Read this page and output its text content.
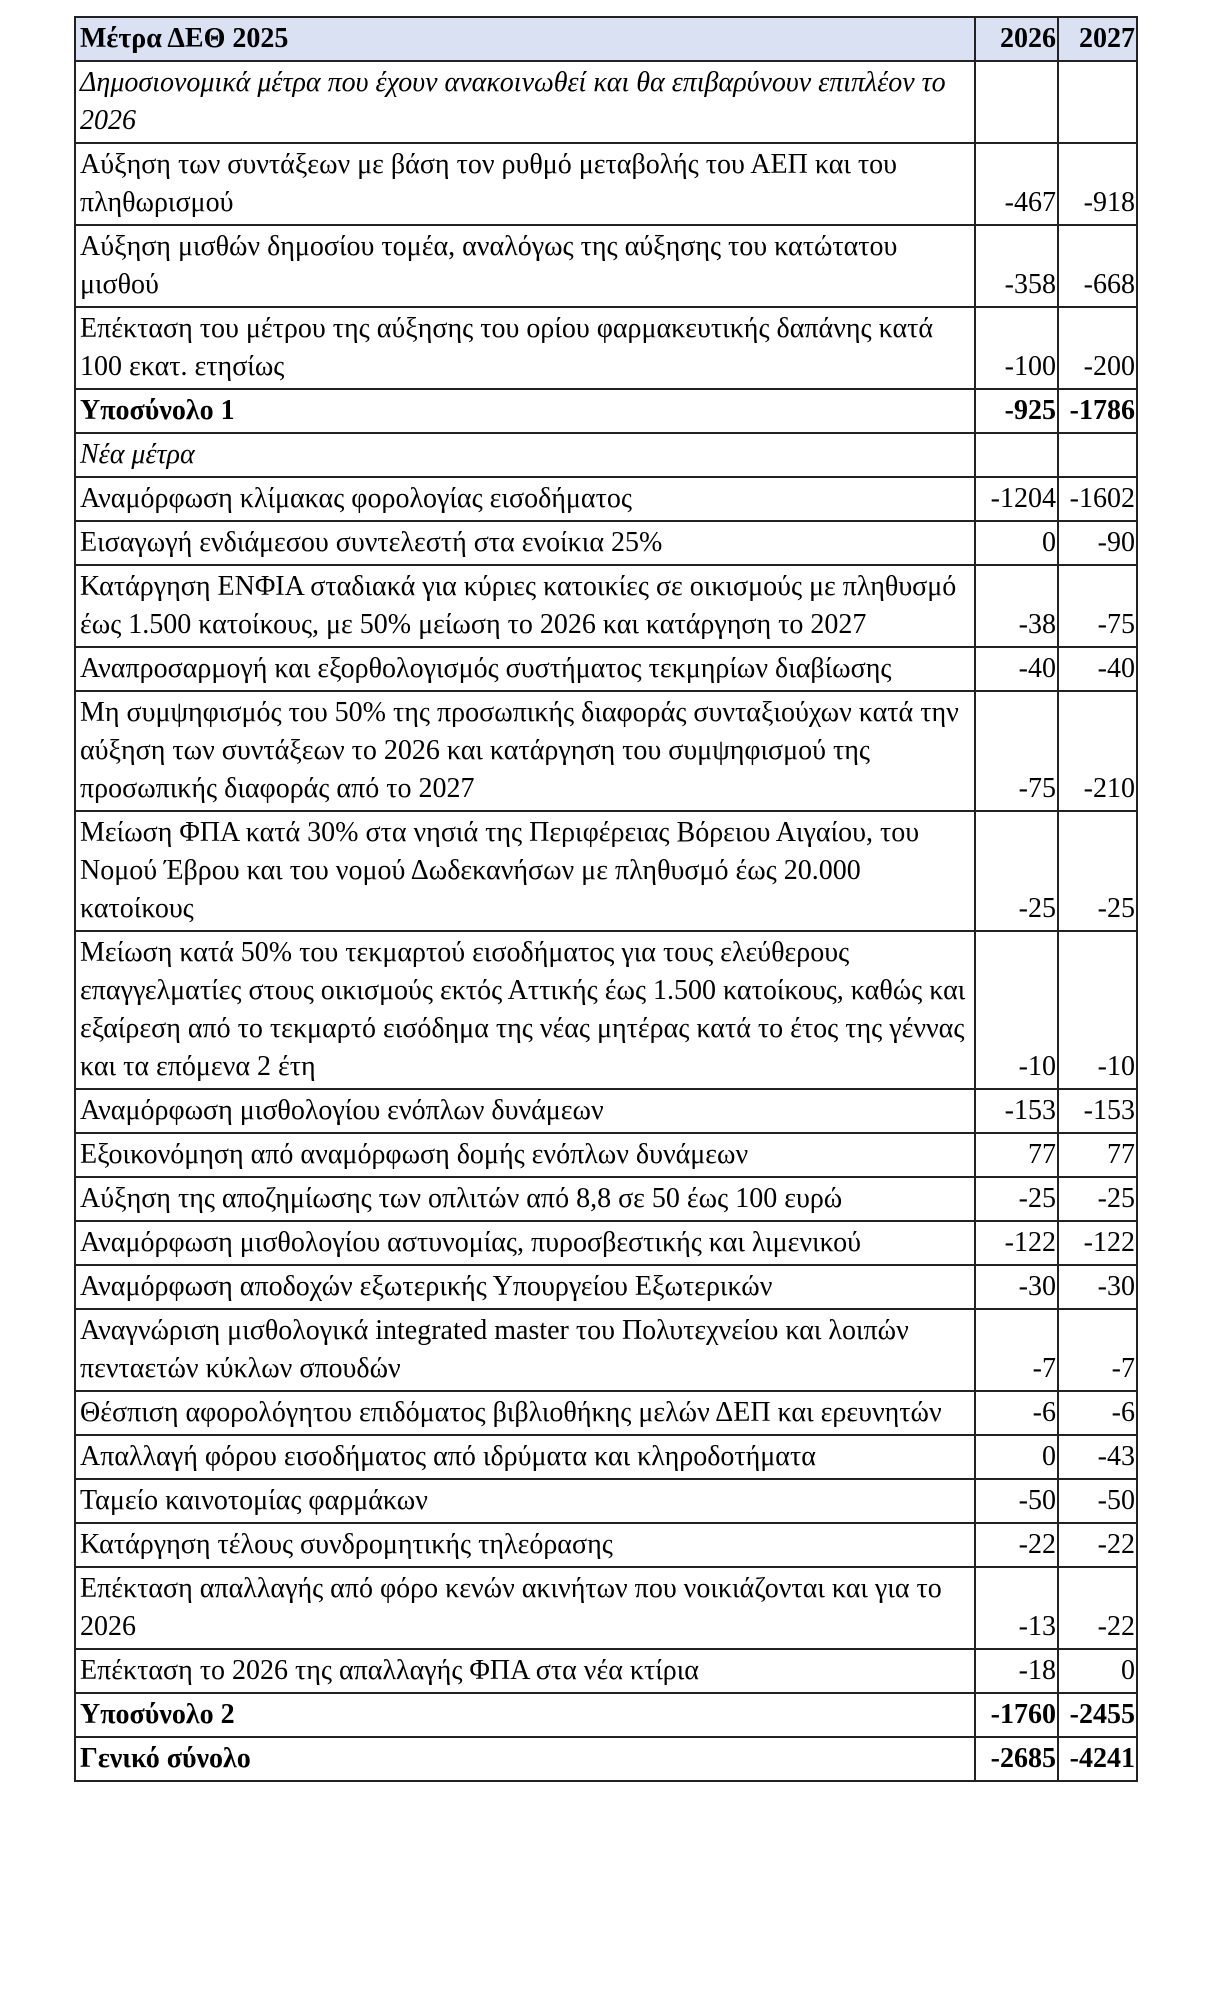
Μέτρα ΔΕΘ 2025	2026	2027
Δημοσιονομικά μέτρα που έχουν ανακοινωθεί και θα επιβαρύνουν επιπλέον το 2026		
Αύξηση των συντάξεων με βάση τον ρυθμό μεταβολής του ΑΕΠ και του πληθωρισμού	-467	-918
Αύξηση μισθών δημοσίου τομέα, αναλόγως της αύξησης του κατώτατου μισθού	-358	-668
Επέκταση του μέτρου της αύξησης του ορίου φαρμακευτικής δαπάνης κατά 100 εκατ. ετησίως	-100	-200
Υποσύνολο 1	-925	-1786
Νέα μέτρα		
Αναμόρφωση κλίμακας φορολογίας εισοδήματος	-1204	-1602
Εισαγωγή ενδιάμεσου συντελεστή στα ενοίκια 25%	0	-90
Κατάργηση ΕΝΦΙΑ σταδιακά για κύριες κατοικίες σε οικισμούς με πληθυσμό έως 1.500 κατοίκους, με 50% μείωση το 2026 και κατάργηση το 2027	-38	-75
Αναπροσαρμογή και εξορθολογισμός συστήματος τεκμηρίων διαβίωσης	-40	-40
Μη συμψηφισμός του 50% της προσωπικής διαφοράς συνταξιούχων κατά την αύξηση των συντάξεων το 2026 και κατάργηση του συμψηφισμού της προσωπικής διαφοράς από το 2027	-75	-210
Μείωση ΦΠΑ κατά 30% στα νησιά της Περιφέρειας Βόρειου Αιγαίου, του Νομού Έβρου και του νομού Δωδεκανήσων με πληθυσμό έως 20.000 κατοίκους	-25	-25
Μείωση κατά 50% του τεκμαρτού εισοδήματος για τους ελεύθερους επαγγελματίες στους οικισμούς εκτός Αττικής έως 1.500 κατοίκους, καθώς και εξαίρεση από το τεκμαρτό εισόδημα της νέας μητέρας κατά το έτος της γέννας και τα επόμενα 2 έτη	-10	-10
Αναμόρφωση μισθολογίου ενόπλων δυνάμεων	-153	-153
Εξοικονόμηση από αναμόρφωση δομής ενόπλων δυνάμεων	77	77
Αύξηση της αποζημίωσης των οπλιτών από 8,8 σε 50 έως 100 ευρώ	-25	-25
Αναμόρφωση μισθολογίου αστυνομίας, πυροσβεστικής και λιμενικού	-122	-122
Αναμόρφωση αποδοχών εξωτερικής Υπουργείου Εξωτερικών	-30	-30
Αναγνώριση μισθολογικά integrated master του Πολυτεχνείου και λοιπών πενταετών κύκλων σπουδών	-7	-7
Θέσπιση αφορολόγητου επιδόματος βιβλιοθήκης μελών ΔΕΠ και ερευνητών	-6	-6
Απαλλαγή φόρου εισοδήματος από ιδρύματα και κληροδοτήματα	0	-43
Ταμείο καινοτομίας φαρμάκων	-50	-50
Κατάργηση τέλους συνδρομητικής τηλεόρασης	-22	-22
Επέκταση απαλλαγής από φόρο κενών ακινήτων που νοικιάζονται και για το 2026	-13	-22
Επέκταση το 2026 της απαλλαγής ΦΠΑ στα νέα κτίρια	-18	0
Υποσύνολο 2	-1760	-2455
Γενικό σύνολο	-2685	-4241
